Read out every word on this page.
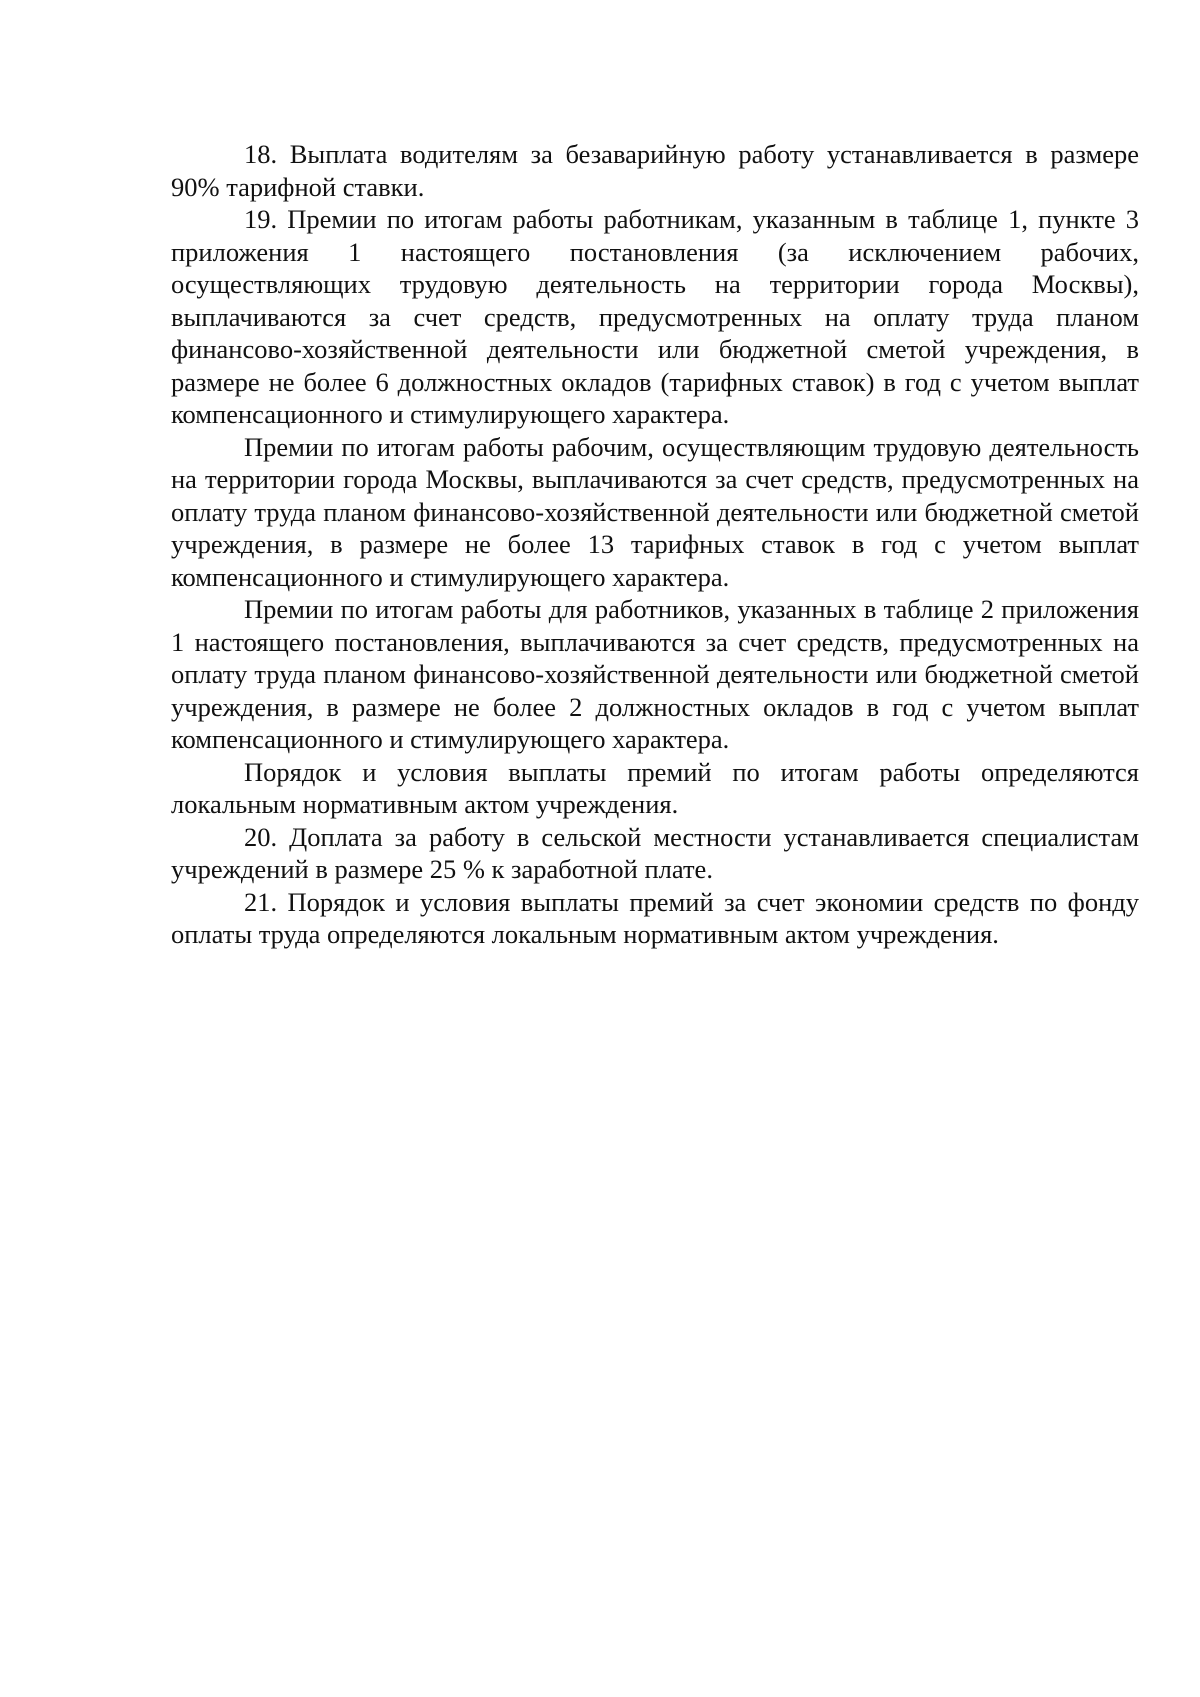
18. Выплата водителям за безаварийную работу устанавливается в размере 90% тарифной ставки.

19. Премии по итогам работы работникам, указанным в таблице 1, пункте 3 приложения 1 настоящего постановления (за исключением рабочих, осуществляющих трудовую деятельность на территории города Москвы), выплачиваются за счет средств, предусмотренных на оплату труда планом финансово-хозяйственной деятельности или бюджетной сметой учреждения, в размере не более 6 должностных окладов (тарифных ставок) в год с учетом выплат компенсационного и стимулирующего характера.

Премии по итогам работы рабочим, осуществляющим трудовую деятельность на территории города Москвы, выплачиваются за счет средств, предусмотренных на оплату труда планом финансово-хозяйственной деятельности или бюджетной сметой учреждения, в размере не более 13 тарифных ставок в год с учетом выплат компенсационного и стимулирующего характера.

Премии по итогам работы для работников, указанных в таблице 2 приложения 1 настоящего постановления, выплачиваются за счет средств, предусмотренных на оплату труда планом финансово-хозяйственной деятельности или бюджетной сметой учреждения, в размере не более 2 должностных окладов в год с учетом выплат компенсационного и стимулирующего характера.

Порядок и условия выплаты премий по итогам работы определяются локальным нормативным актом учреждения.

20. Доплата за работу в сельской местности устанавливается специалистам учреждений в размере 25 % к заработной плате.

21. Порядок и условия выплаты премий за счет экономии средств по фонду оплаты труда определяются локальным нормативным актом учреждения.
